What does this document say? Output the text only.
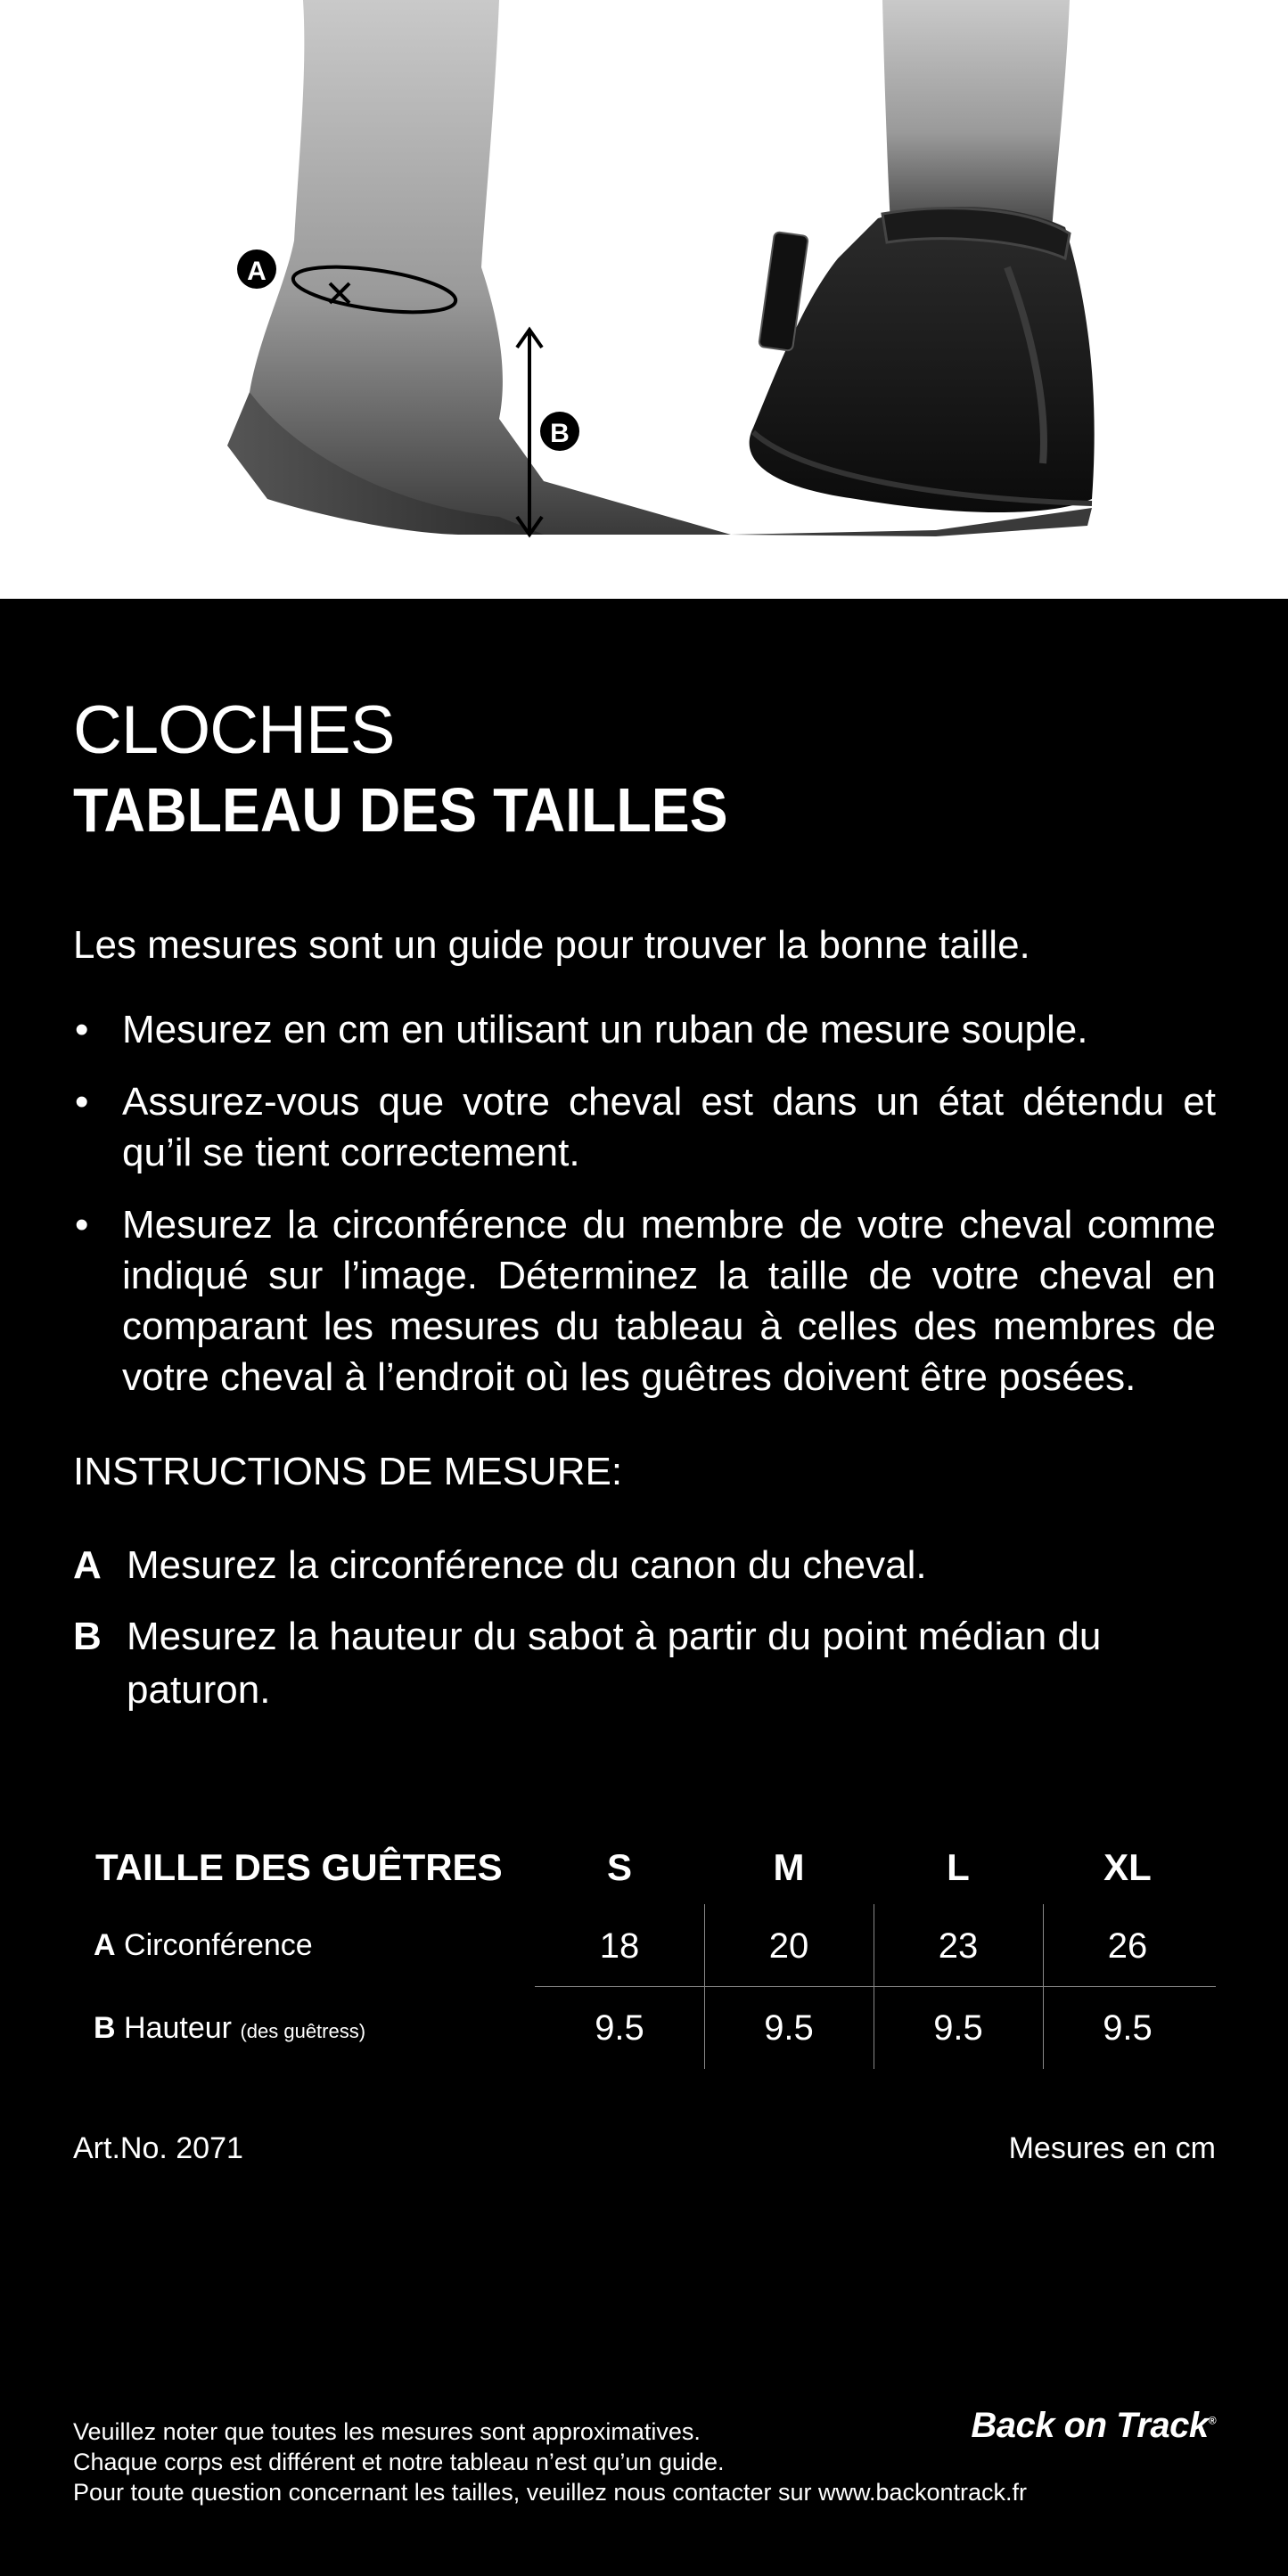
A
B
CLOCHES
TABLEAU DES TAILLES
Les mesures sont un guide pour trouver la bonne taille.
• Mesurez en cm en utilisant un ruban de mesure souple.
• Assurez-vous que votre cheval est dans un état détendu et qu’il se tient correctement.
• Mesurez la circonférence du membre de votre cheval comme indiqué sur l’image. Déterminez la taille de votre cheval en comparant les mesures du tableau à celles des membres de votre cheval à l’endroit où les guêtres doivent être posées.
INSTRUCTIONS DE MESURE:
A Mesurez la circonférence du canon du cheval.
B Mesurez la hauteur du sabot à partir du point médian du paturon.
TAILLE DES GUÊTRES	S	M	L	XL
A Circonférence	18	20	23	26
B Hauteur (des guêtress)	9.5	9.5	9.5	9.5
Art.No. 2071	Mesures en cm
Veuillez noter que toutes les mesures sont approximatives.
Chaque corps est différent et notre tableau n’est qu’un guide.
Pour toute question concernant les tailles, veuillez nous contacter sur www.backontrack.fr
Back on Track®
